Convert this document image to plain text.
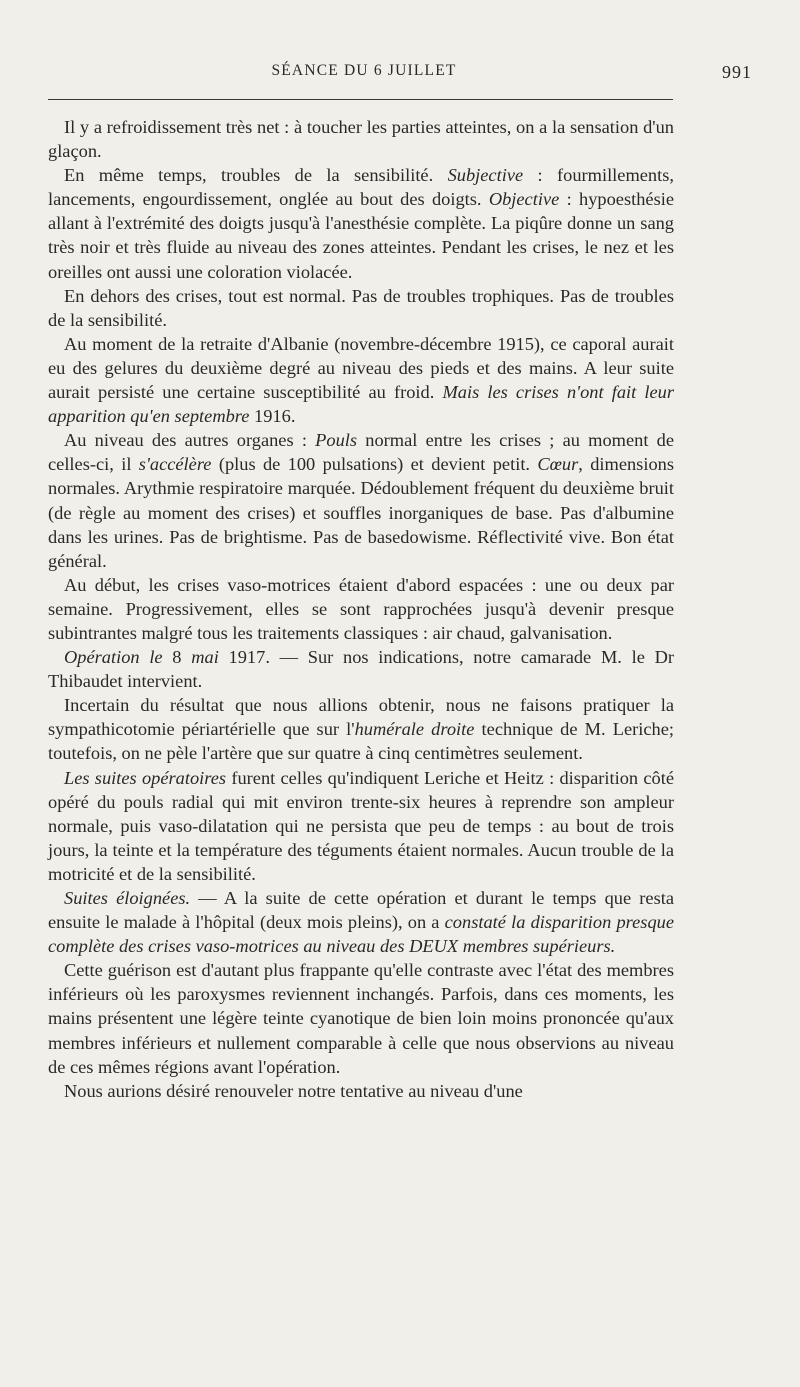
SÉANCE DU 6 JUILLET	991

Il y a refroidissement très net : à toucher les parties atteintes, on a la sensation d'un glaçon.

En même temps, troubles de la sensibilité. Subjective : fourmillements, lancements, engourdissement, onglée au bout des doigts. Objective : hypoesthésie allant à l'extrémité des doigts jusqu'à l'anesthésie complète. La piqûre donne un sang très noir et très fluide au niveau des zones atteintes. Pendant les crises, le nez et les oreilles ont aussi une coloration violacée.

En dehors des crises, tout est normal. Pas de troubles trophiques. Pas de troubles de la sensibilité.

Au moment de la retraite d'Albanie (novembre-décembre 1915), ce caporal aurait eu des gelures du deuxième degré au niveau des pieds et des mains. A leur suite aurait persisté une certaine susceptibilité au froid. Mais les crises n'ont fait leur apparition qu'en septembre 1916.

Au niveau des autres organes : Pouls normal entre les crises ; au moment de celles-ci, il s'accélère (plus de 100 pulsations) et devient petit. Cœur, dimensions normales. Arythmie respiratoire marquée. Dédoublement fréquent du deuxième bruit (de règle au moment des crises) et souffles inorganiques de base. Pas d'albumine dans les urines. Pas de brightisme. Pas de basedowisme. Réflectivité vive. Bon état général.

Au début, les crises vaso-motrices étaient d'abord espacées : une ou deux par semaine. Progressivement, elles se sont rapprochées jusqu'à devenir presque subintrantes malgré tous les traitements classiques : air chaud, galvanisation.

Opération le 8 mai 1917. — Sur nos indications, notre camarade M. le Dr Thibaudet intervient.

Incertain du résultat que nous allions obtenir, nous ne faisons pratiquer la sympathicotomie périartérielle que sur l'humérale droite technique de M. Leriche; toutefois, on ne pèle l'artère que sur quatre à cinq centimètres seulement.

Les suites opératoires furent celles qu'indiquent Leriche et Heitz : disparition côté opéré du pouls radial qui mit environ trente-six heures à reprendre son ampleur normale, puis vaso-dilatation qui ne persista que peu de temps : au bout de trois jours, la teinte et la température des téguments étaient normales. Aucun trouble de la motricité et de la sensibilité.

Suites éloignées. — A la suite de cette opération et durant le temps que resta ensuite le malade à l'hôpital (deux mois pleins), on a constaté la disparition presque complète des crises vaso-motrices au niveau des DEUX membres supérieurs.

Cette guérison est d'autant plus frappante qu'elle contraste avec l'état des membres inférieurs où les paroxysmes reviennent inchangés. Parfois, dans ces moments, les mains présentent une légère teinte cyanotique de bien loin moins prononcée qu'aux membres inférieurs et nullement comparable à celle que nous observions au niveau de ces mêmes régions avant l'opération.

Nous aurions désiré renouveler notre tentative au niveau d'une
